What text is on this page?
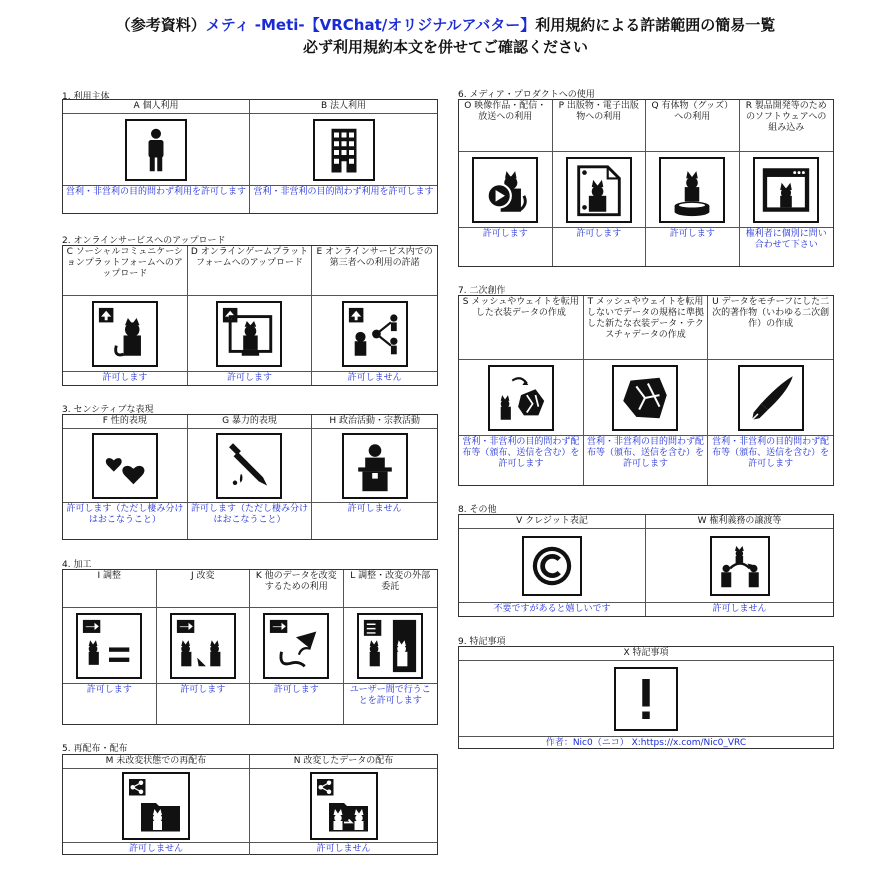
（参考資料）メティ -Meti-【VRChat/オリジナルアバター】利用規約による許諾範囲の簡易一覧
必ず利用規約本文を併せてご確認ください
1. 利用主体
A 個人利用
営利・非営利の目的問わず利用を許可します
B 法人利用
営利・非営利の目的問わず利用を許可します
2. オンラインサービスへのアップロード
C ソーシャルコミュニケーションプラットフォームへのアップロード
許可します
D オンラインゲームプラットフォームへのアップロード
許可します
E オンラインサービス内での第三者への利用の許諾
許可しません
3. センシティブな表現
F 性的表現
許可します（ただし棲み分けはおこなうこと）
G 暴力的表現
許可します（ただし棲み分けはおこなうこと）
H 政治活動・宗教活動
許可しません
4. 加工
I 調整
許可します
J 改変
許可します
K 他のデータを改変するための利用
許可します
L 調整・改変の外部委託
ユーザー間で行うことを許可します
5. 再配布・配布
M 未改変状態での再配布
許可しません
N 改変したデータの配布
許可しません
6. メディア・プロダクトへの使用
O 映像作品・配信・放送への利用
許可します
P 出版物・電子出版物への利用
許可します
Q 有体物（グッズ）への利用
許可します
R 製品開発等のためのソフトウェアへの組み込み
権利者に個別に問い合わせて下さい
7. 二次創作
S メッシュやウェイトを転用した衣装データの作成
営利・非営利の目的問わず配布等（頒布、送信を含む）を許可します
T メッシュやウェイトを転用しないでデータの規格に準拠した新たな衣装データ・テクスチャデータの作成
営利・非営利の目的問わず配布等（頒布、送信を含む）を許可します
U データをモチーフにした二次的著作物（いわゆる二次創作）の作成
営利・非営利の目的問わず配布等（頒布、送信を含む）を許可します
8. その他
V クレジット表記
不要ですがあると嬉しいです
W 権利義務の譲渡等
許可しません
9. 特記事項
X 特記事項
作者：Nic0（ニコ） X:https://x.com/Nic0_VRC
